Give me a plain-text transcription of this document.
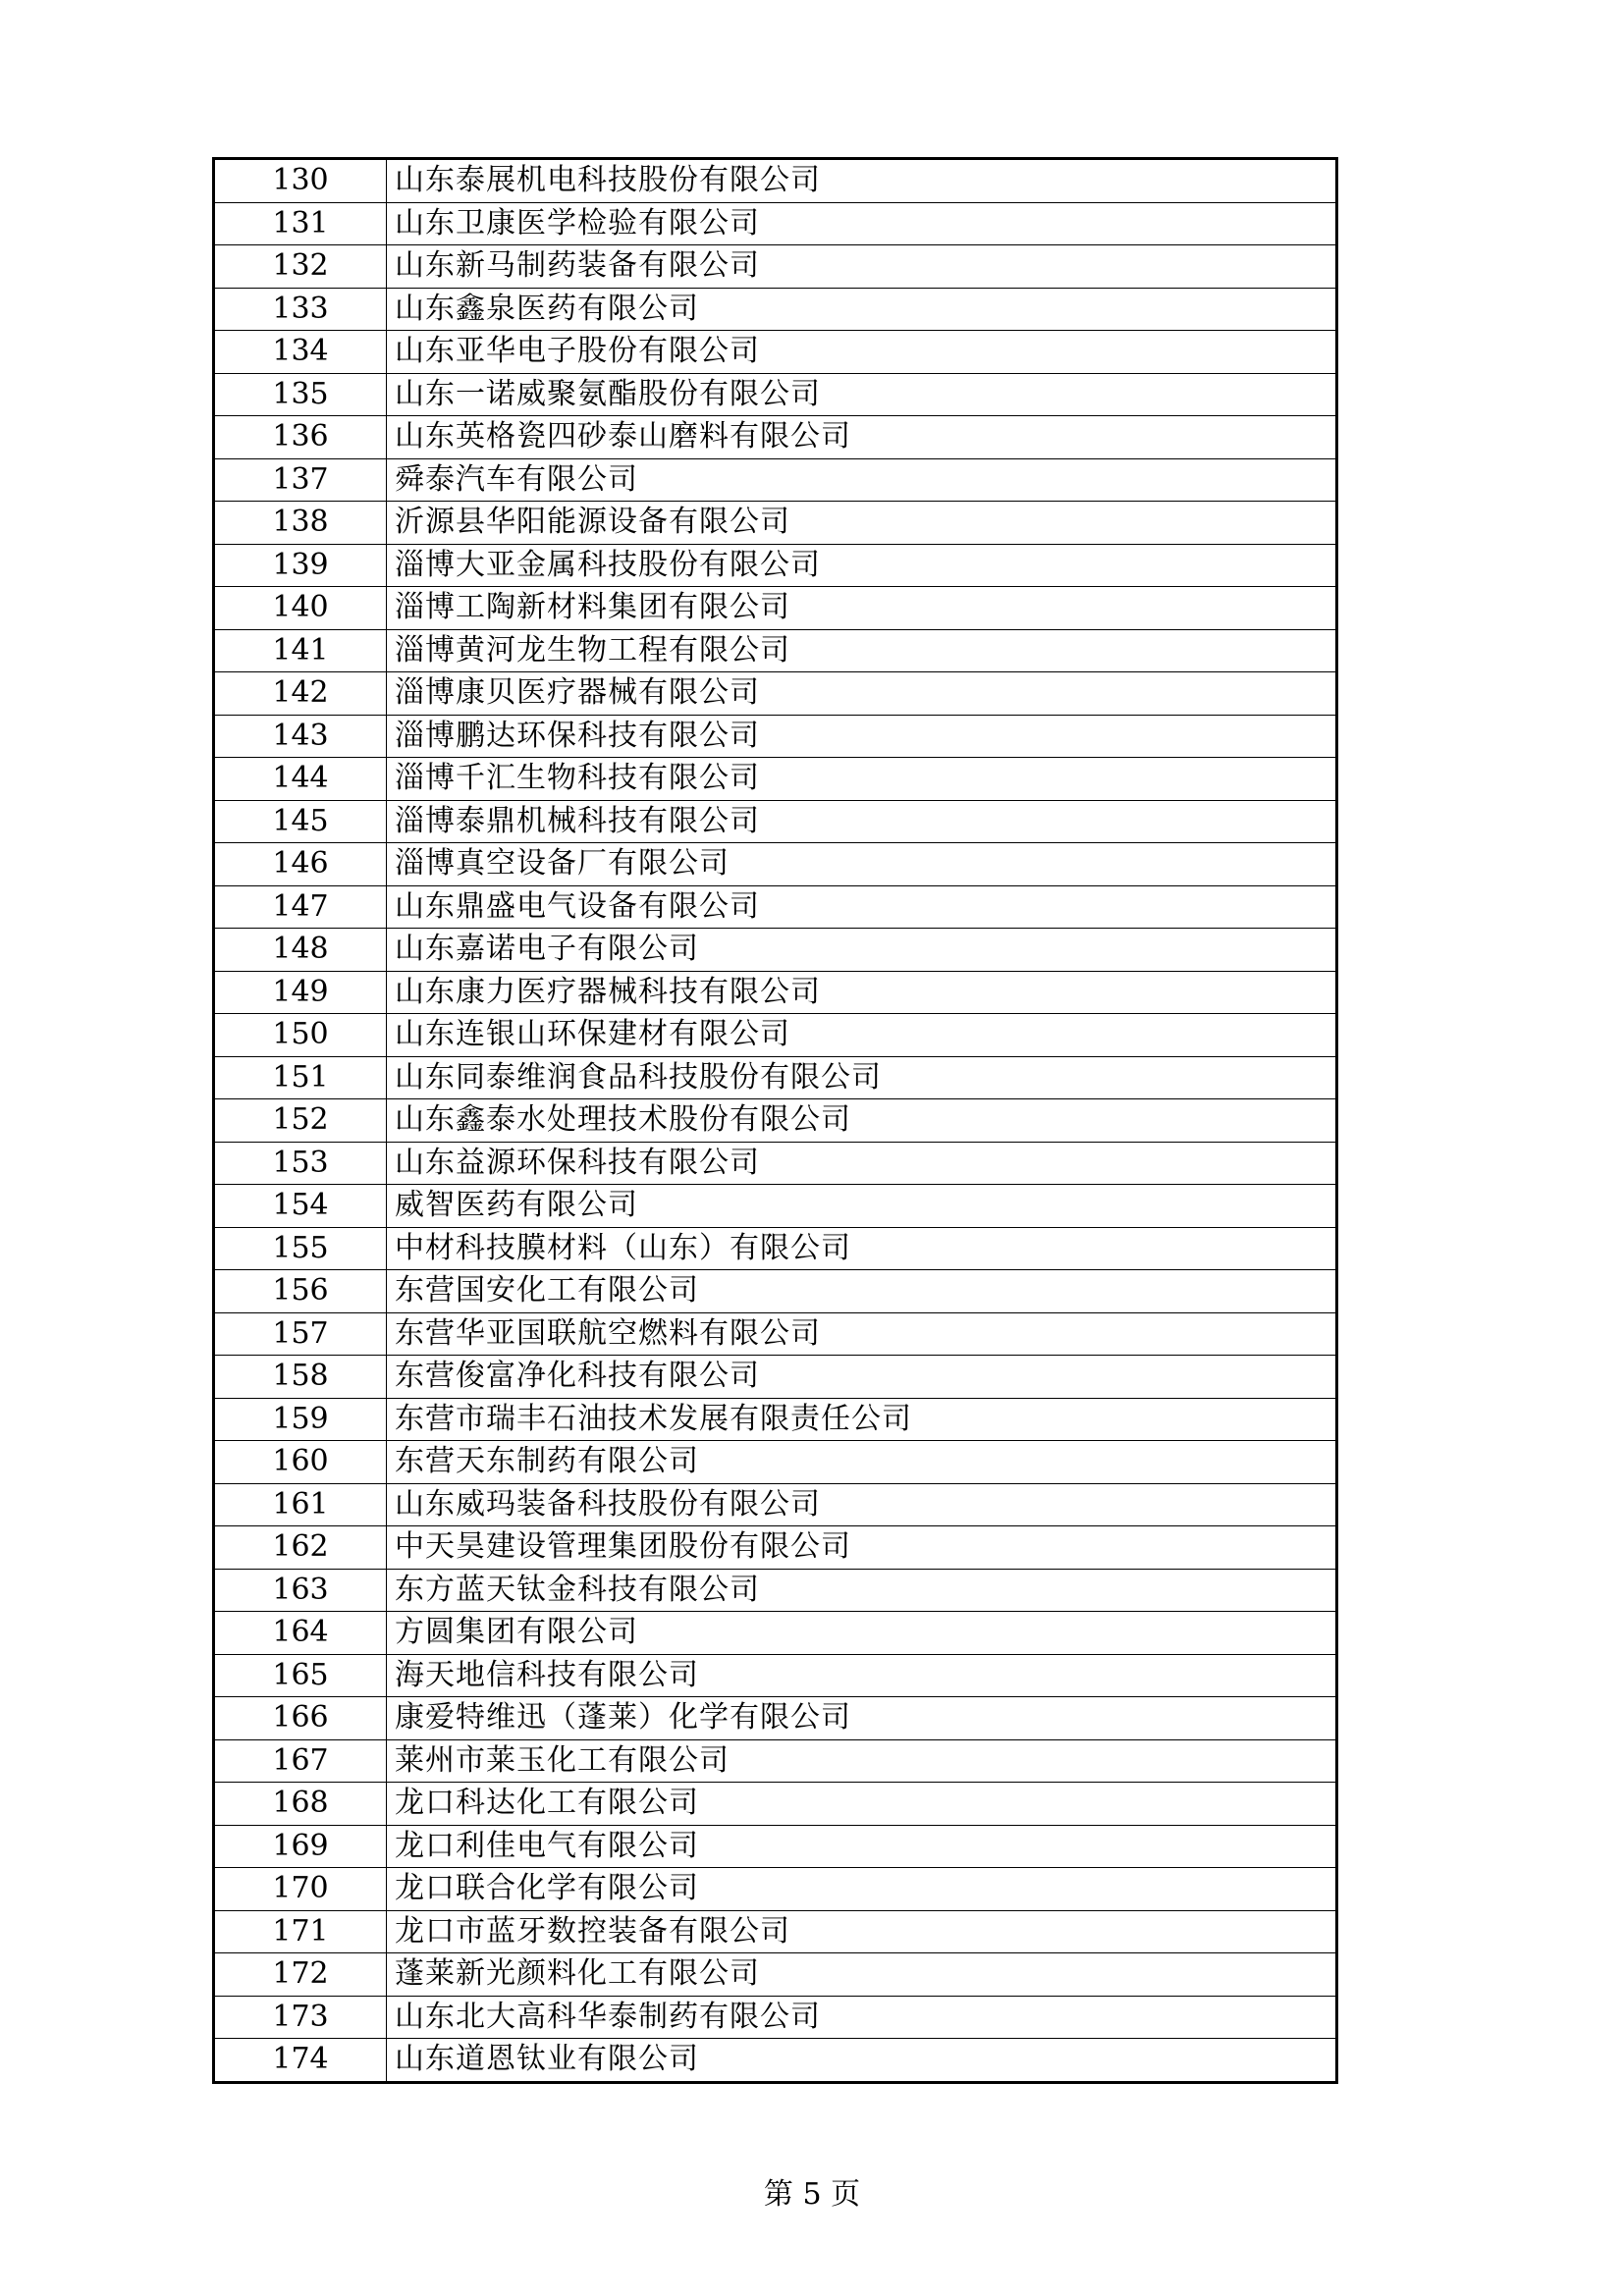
130	山东泰展机电科技股份有限公司
131	山东卫康医学检验有限公司
132	山东新马制药装备有限公司
133	山东鑫泉医药有限公司
134	山东亚华电子股份有限公司
135	山东一诺威聚氨酯股份有限公司
136	山东英格瓷四砂泰山磨料有限公司
137	舜泰汽车有限公司
138	沂源县华阳能源设备有限公司
139	淄博大亚金属科技股份有限公司
140	淄博工陶新材料集团有限公司
141	淄博黄河龙生物工程有限公司
142	淄博康贝医疗器械有限公司
143	淄博鹏达环保科技有限公司
144	淄博千汇生物科技有限公司
145	淄博泰鼎机械科技有限公司
146	淄博真空设备厂有限公司
147	山东鼎盛电气设备有限公司
148	山东嘉诺电子有限公司
149	山东康力医疗器械科技有限公司
150	山东连银山环保建材有限公司
151	山东同泰维润食品科技股份有限公司
152	山东鑫泰水处理技术股份有限公司
153	山东益源环保科技有限公司
154	威智医药有限公司
155	中材科技膜材料（山东）有限公司
156	东营国安化工有限公司
157	东营华亚国联航空燃料有限公司
158	东营俊富净化科技有限公司
159	东营市瑞丰石油技术发展有限责任公司
160	东营天东制药有限公司
161	山东威玛装备科技股份有限公司
162	中天昊建设管理集团股份有限公司
163	东方蓝天钛金科技有限公司
164	方圆集团有限公司
165	海天地信科技有限公司
166	康爱特维迅（蓬莱）化学有限公司
167	莱州市莱玉化工有限公司
168	龙口科达化工有限公司
169	龙口利佳电气有限公司
170	龙口联合化学有限公司
171	龙口市蓝牙数控装备有限公司
172	蓬莱新光颜料化工有限公司
173	山东北大高科华泰制药有限公司
174	山东道恩钛业有限公司
第 5 页
